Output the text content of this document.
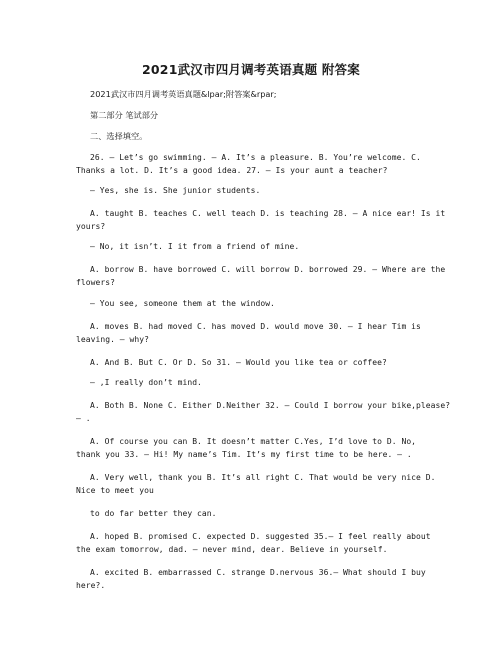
2021武汉市四月调考英语真题 附答案
2021武汉市四月调考英语真题&lpar;附答案&rpar;
第二部分 笔试部分
二、选择填空。
26. — Let’s go swimming. — A. It’s a pleasure. B. You’re welcome. C.
Thanks a lot. D. It’s a good idea. 27. — Is your aunt a teacher?
— Yes, she is. She junior students.
A. taught B. teaches C. well teach D. is teaching 28. — A nice ear! Is it
yours?
— No, it isn’t. I it from a friend of mine.
A. borrow B. have borrowed C. will borrow D. borrowed 29. — Where are the
flowers?
— You see, someone them at the window.
A. moves B. had moved C. has moved D. would move 30. — I hear Tim is
leaving. — why?
A. And B. But C. Or D. So 31. — Would you like tea or coffee?
— ,I really don’t mind.
A. Both B. None C. Either D.Neither 32. — Could I borrow your bike,please?
— .
A. Of course you can B. It doesn’t matter C.Yes, I’d love to D. No,
thank you 33. — Hi! My name’s Tim. It’s my first time to be here. — .
A. Very well, thank you B. It’s all right C. That would be very nice D.
Nice to meet you
to do far better they can.
A. hoped B. promised C. expected D. suggested 35.— I feel really about
the exam tomorrow, dad. — never mind, dear. Believe in yourself.
A. excited B. embarrassed C. strange D.nervous 36.— What should I buy
here?.
